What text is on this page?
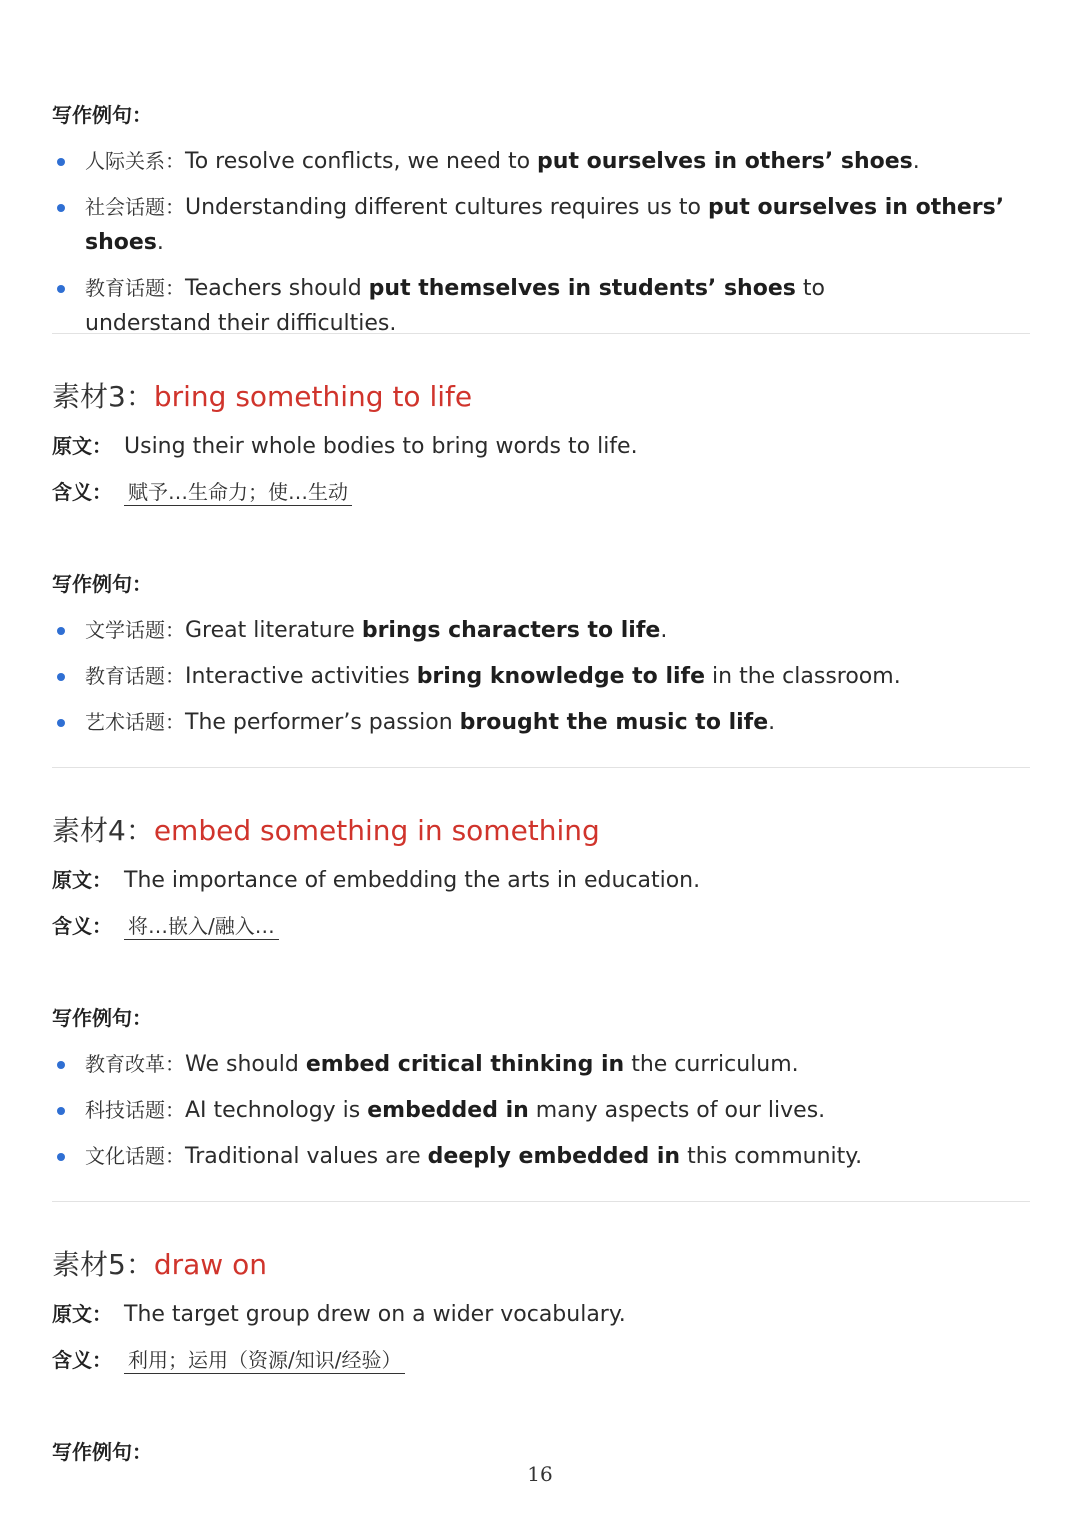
写作例句：
人际关系：To resolve conflicts, we need to put ourselves in others’ shoes.
社会话题：Understanding different cultures requires us to put ourselves in others’ shoes.
教育话题：Teachers should put themselves in students’ shoes to understand their difficulties.
素材3：bring something to life
原文： Using their whole bodies to bring words to life.
含义： 赋予…生命力；使…生动
写作例句：
文学话题：Great literature brings characters to life.
教育话题：Interactive activities bring knowledge to life in the classroom.
艺术话题：The performer’s passion brought the music to life.
素材4：embed something in something
原文： The importance of embedding the arts in education.
含义： 将…嵌入/融入…
写作例句：
教育改革：We should embed critical thinking in the curriculum.
科技话题：AI technology is embedded in many aspects of our lives.
文化话题：Traditional values are deeply embedded in this community.
素材5：draw on
原文： The target group drew on a wider vocabulary.
含义： 利用；运用（资源/知识/经验）
写作例句：
16
